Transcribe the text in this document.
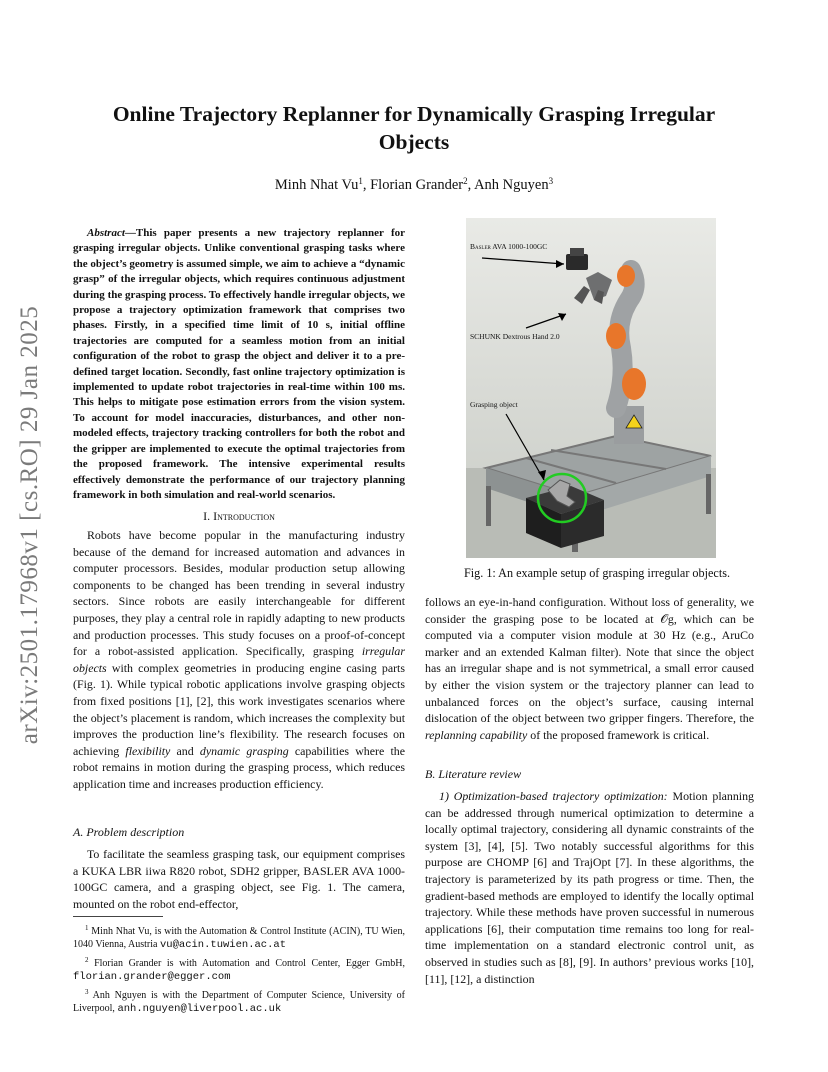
arXiv:2501.17968v1 [cs.RO] 29 Jan 2025
Online Trajectory Replanner for Dynamically Grasping Irregular Objects
Minh Nhat Vu$^1$, Florian Grander$^2$, Anh Nguyen$^3$

Abstract—This paper presents a new trajectory replanner for grasping irregular objects. Unlike conventional grasping tasks where the object’s geometry is assumed simple, we aim to achieve a “dynamic grasp” of the irregular objects, which requires continuous adjustment during the grasping process. To effectively handle irregular objects, we propose a trajectory optimization framework that comprises two phases. Firstly, in a specified time limit of 10 s, initial offline trajectories are computed for a seamless motion from an initial configuration of the robot to grasp the object and deliver it to a pre-defined target location. Secondly, fast online trajectory optimization is implemented to update robot trajectories in real-time within 100 ms. This helps to mitigate pose estimation errors from the vision system. To account for model inaccuracies, disturbances, and other non-modeled effects, trajectory tracking controllers for both the robot and the gripper are implemented to execute the optimal trajectories from the proposed framework. The intensive experimental results effectively demonstrate the performance of our trajectory planning framework in both simulation and real-world scenarios.

I. Introduction

Robots have become popular in the manufacturing industry because of the demand for increased automation and advances in computer processors. Besides, modular production setup allowing components to be changed has been trending in several industry sectors. Since robots are easily interchangeable for different purposes, they play a central role in rapidly adapting to new products and production processes. This study focuses on a proof-of-concept for a robot-assisted application. Specifically, grasping irregular objects with complex geometries in producing engine casing parts (Fig. 1). While typical robotic applications involve grasping objects from fixed positions [1], [2], this work investigates scenarios where the object’s placement is random, which increases the complexity but improves the production line’s flexibility. The research focuses on achieving flexibility and dynamic grasping capabilities where the robot remains in motion during the grasping process, which reduces application time and increases production efficiency.

A. Problem description

To facilitate the seamless grasping task, our equipment comprises a KUKA LBR iiwa R820 robot, SDH2 gripper, BASLER AVA 1000-100GC camera, and a grasping object, see Fig. 1. The camera, mounted on the robot end-effector,

$^1$ Minh Nhat Vu, is with the Automation & Control Institute (ACIN), TU Wien, 1040 Vienna, Austria vu@acin.tuwien.ac.at

$^2$ Florian Grander is with Automation and Control Center, Egger GmbH, florian.grander@egger.com

$^3$ Anh Nguyen is with the Department of Computer Science, University of Liverpool, anh.nguyen@liverpool.ac.uk

Basler AVA 1000-100GC
SCHUNK Dextrous Hand 2.0
Grasping object
Fig. 1: An example setup of grasping irregular objects.

follows an eye-in-hand configuration. Without loss of generality, we consider the grasping pose to be located at 𝒪g, which can be computed via a computer vision module at 30 Hz (e.g., AruCo marker and an extended Kalman filter). Note that since the object has an irregular shape and is not symmetrical, a small error caused by either the vision system or the trajectory planner can lead to unbalanced forces on the object’s surface, causing internal dislocation of the object between two gripper fingers. Therefore, the replanning capability of the proposed framework is critical.

B. Literature review

1) Optimization-based trajectory optimization: Motion planning can be addressed through numerical optimization to determine a locally optimal trajectory, considering all dynamic constraints of the system [3], [4], [5]. Two notably successful algorithms for this purpose are CHOMP [6] and TrajOpt [7]. In these algorithms, the trajectory is parameterized by its path progress or time. Then, the gradient-based methods are employed to identify the locally optimal trajectory. While these methods have proven successful in numerous applications [6], their computation time remains too long for real-time implementation on a standard electronic control unit, as observed in studies such as [8], [9]. In authors’ previous works [10], [11], [12], a distinction
